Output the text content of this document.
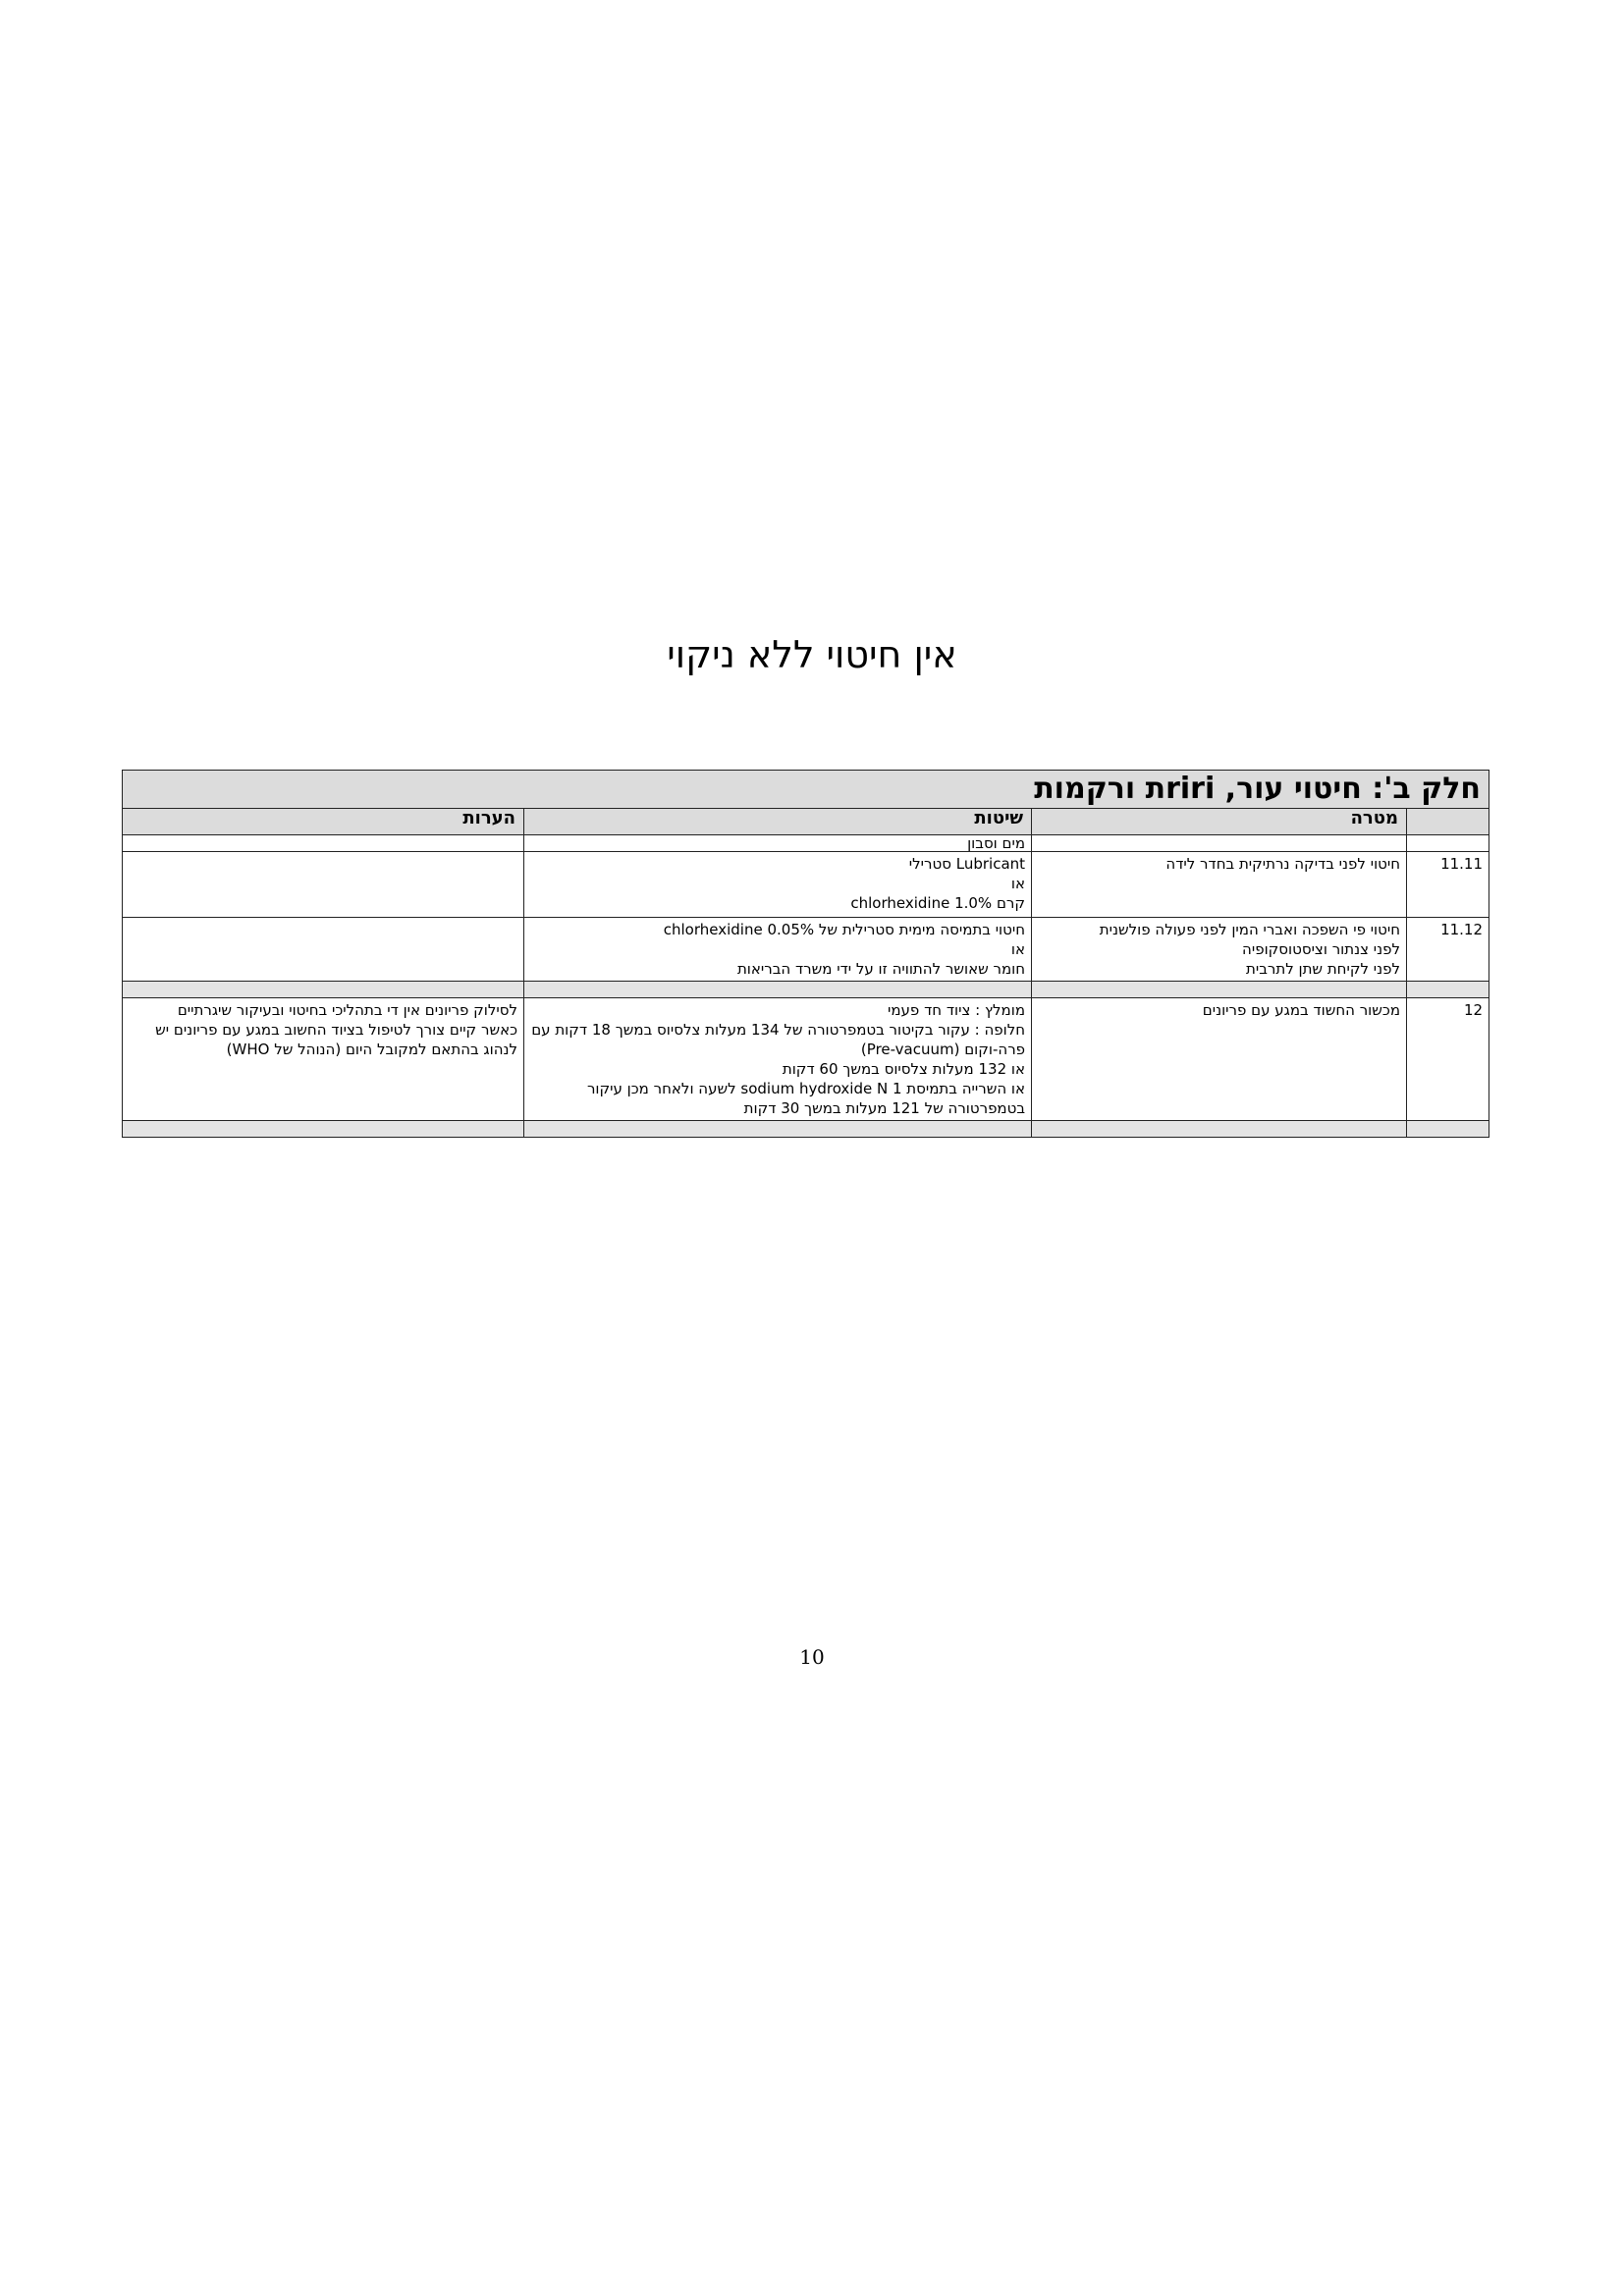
אין חיטוי ללא ניקוי
חלק ב': חיטוי עור, ririת ורקמות			
	מטרה	שיטות	הערות

		מים וסבון	

11.11	חיטוי לפני בדיקה נרתיקית בחדר לידה	Lubricant סטרילי
או
קרם chlorhexidine 1.0%	

11.12	חיטוי פי השפכה ואברי המין לפני פעולה פולשנית
לפני צנתור וציסטוסקופיה
לפני לקיחת שתן לתרבית	חיטוי בתמיסה מימית סטרילית של chlorhexidine 0.05%
או
חומר שאושר להתוויה זו על ידי משרד הבריאות	

12	מכשור החשוד במגע עם פריונים	מומלץ : ציוד חד פעמי
חלופה : עקור בקיטור בטמפרטורה של 134 מעלות צלסיוס במשך 18 דקות עם פרה-וקום (Pre-vacuum)
או 132 מעלות צלסיוס במשך 60 דקות
או השרייה בתמיסת sodium hydroxide N 1 לשעה ולאחר מכן עיקור בטמפרטורה של 121 מעלות במשך 30 דקות	לסילוק פריונים אין די בתהליכי בחיטוי ובעיקור שיגרתיים
כאשר קיים צורך לטיפול בציוד החשוב במגע עם פריונים יש לנהוג בהתאם למקובל היום (הנוהל של WHO)

10
